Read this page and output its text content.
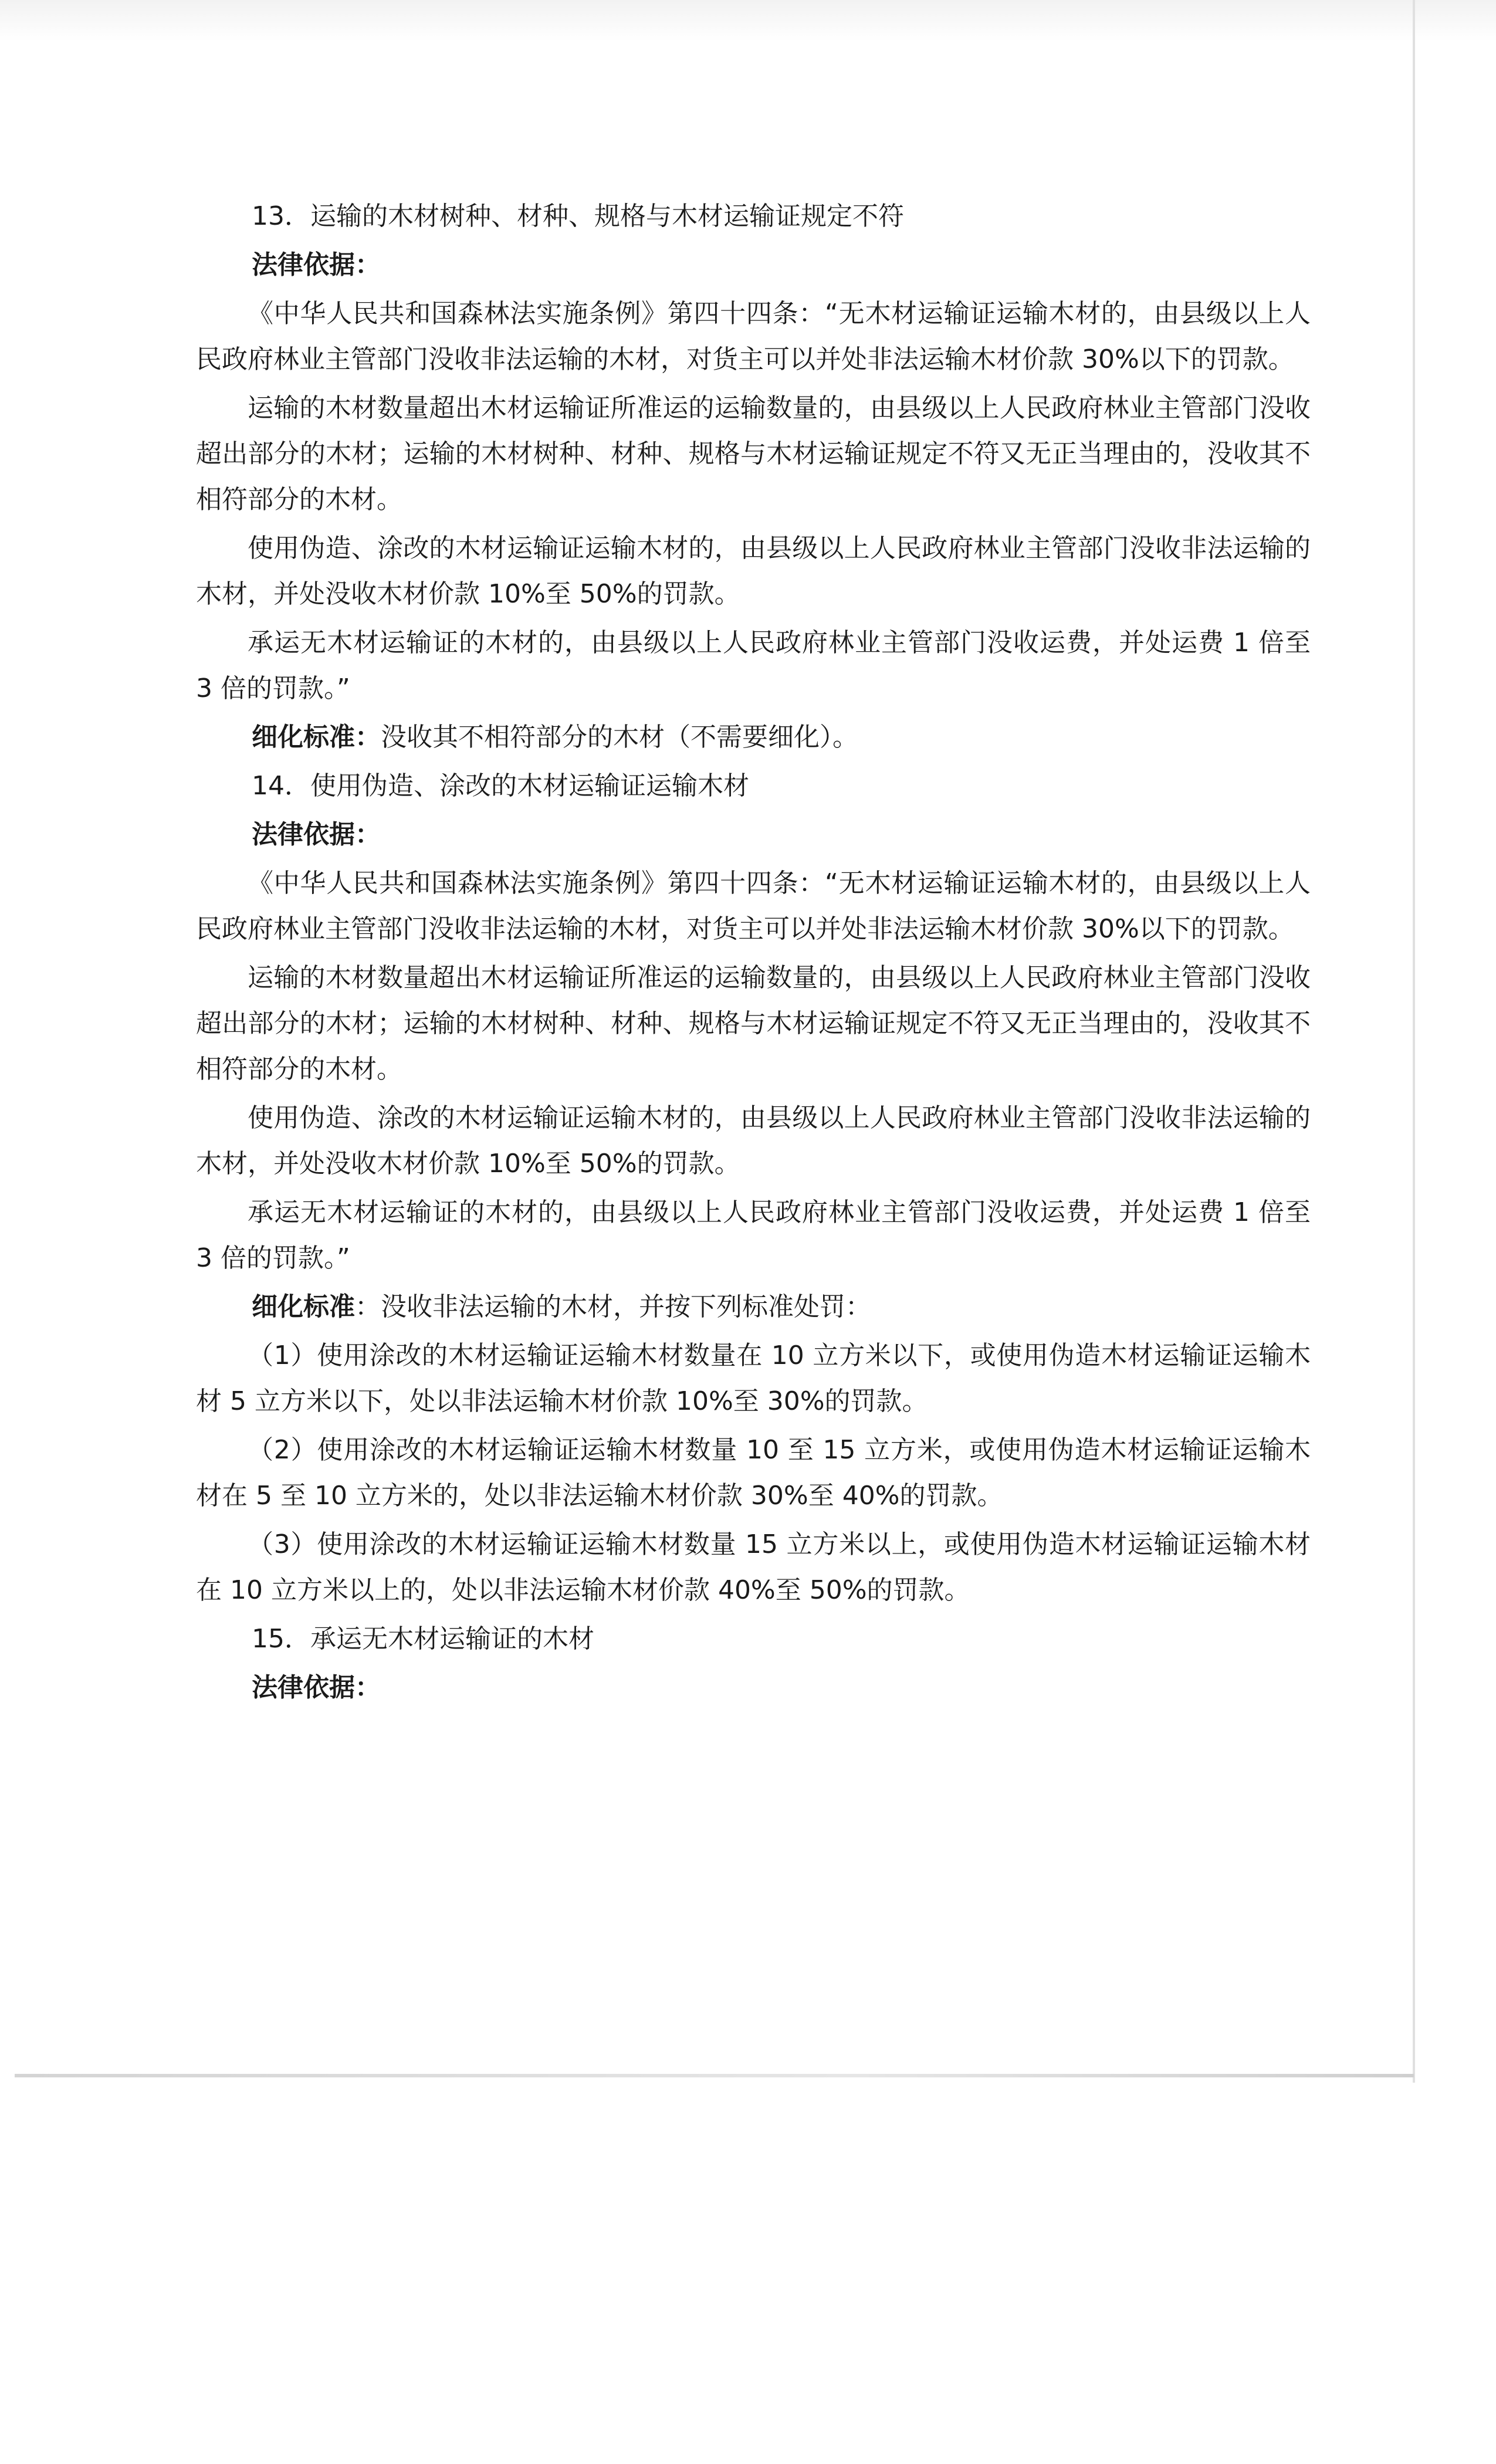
13．运输的木材树种、材种、规格与木材运输证规定不符

法律依据：

《中华人民共和国森林法实施条例》第四十四条：“无木材运输证运输木材的，由县级以上人民政府林业主管部门没收非法运输的木材，对货主可以并处非法运输木材价款 30%以下的罚款。

运输的木材数量超出木材运输证所准运的运输数量的，由县级以上人民政府林业主管部门没收超出部分的木材；运输的木材树种、材种、规格与木材运输证规定不符又无正当理由的，没收其不相符部分的木材。

使用伪造、涂改的木材运输证运输木材的，由县级以上人民政府林业主管部门没收非法运输的木材，并处没收木材价款 10%至 50%的罚款。

承运无木材运输证的木材的，由县级以上人民政府林业主管部门没收运费，并处运费 1 倍至 3 倍的罚款。”

细化标准：没收其不相符部分的木材（不需要细化）。

14．使用伪造、涂改的木材运输证运输木材

法律依据：

《中华人民共和国森林法实施条例》第四十四条：“无木材运输证运输木材的，由县级以上人民政府林业主管部门没收非法运输的木材，对货主可以并处非法运输木材价款 30%以下的罚款。

运输的木材数量超出木材运输证所准运的运输数量的，由县级以上人民政府林业主管部门没收超出部分的木材；运输的木材树种、材种、规格与木材运输证规定不符又无正当理由的，没收其不相符部分的木材。

使用伪造、涂改的木材运输证运输木材的，由县级以上人民政府林业主管部门没收非法运输的木材，并处没收木材价款 10%至 50%的罚款。

承运无木材运输证的木材的，由县级以上人民政府林业主管部门没收运费，并处运费 1 倍至 3 倍的罚款。”

细化标准：没收非法运输的木材，并按下列标准处罚：

（1）使用涂改的木材运输证运输木材数量在 10 立方米以下，或使用伪造木材运输证运输木材 5 立方米以下，处以非法运输木材价款 10%至 30%的罚款。

（2）使用涂改的木材运输证运输木材数量 10 至 15 立方米，或使用伪造木材运输证运输木材在 5 至 10 立方米的，处以非法运输木材价款 30%至 40%的罚款。

（3）使用涂改的木材运输证运输木材数量 15 立方米以上，或使用伪造木材运输证运输木材在 10 立方米以上的，处以非法运输木材价款 40%至 50%的罚款。

15．承运无木材运输证的木材

法律依据：
